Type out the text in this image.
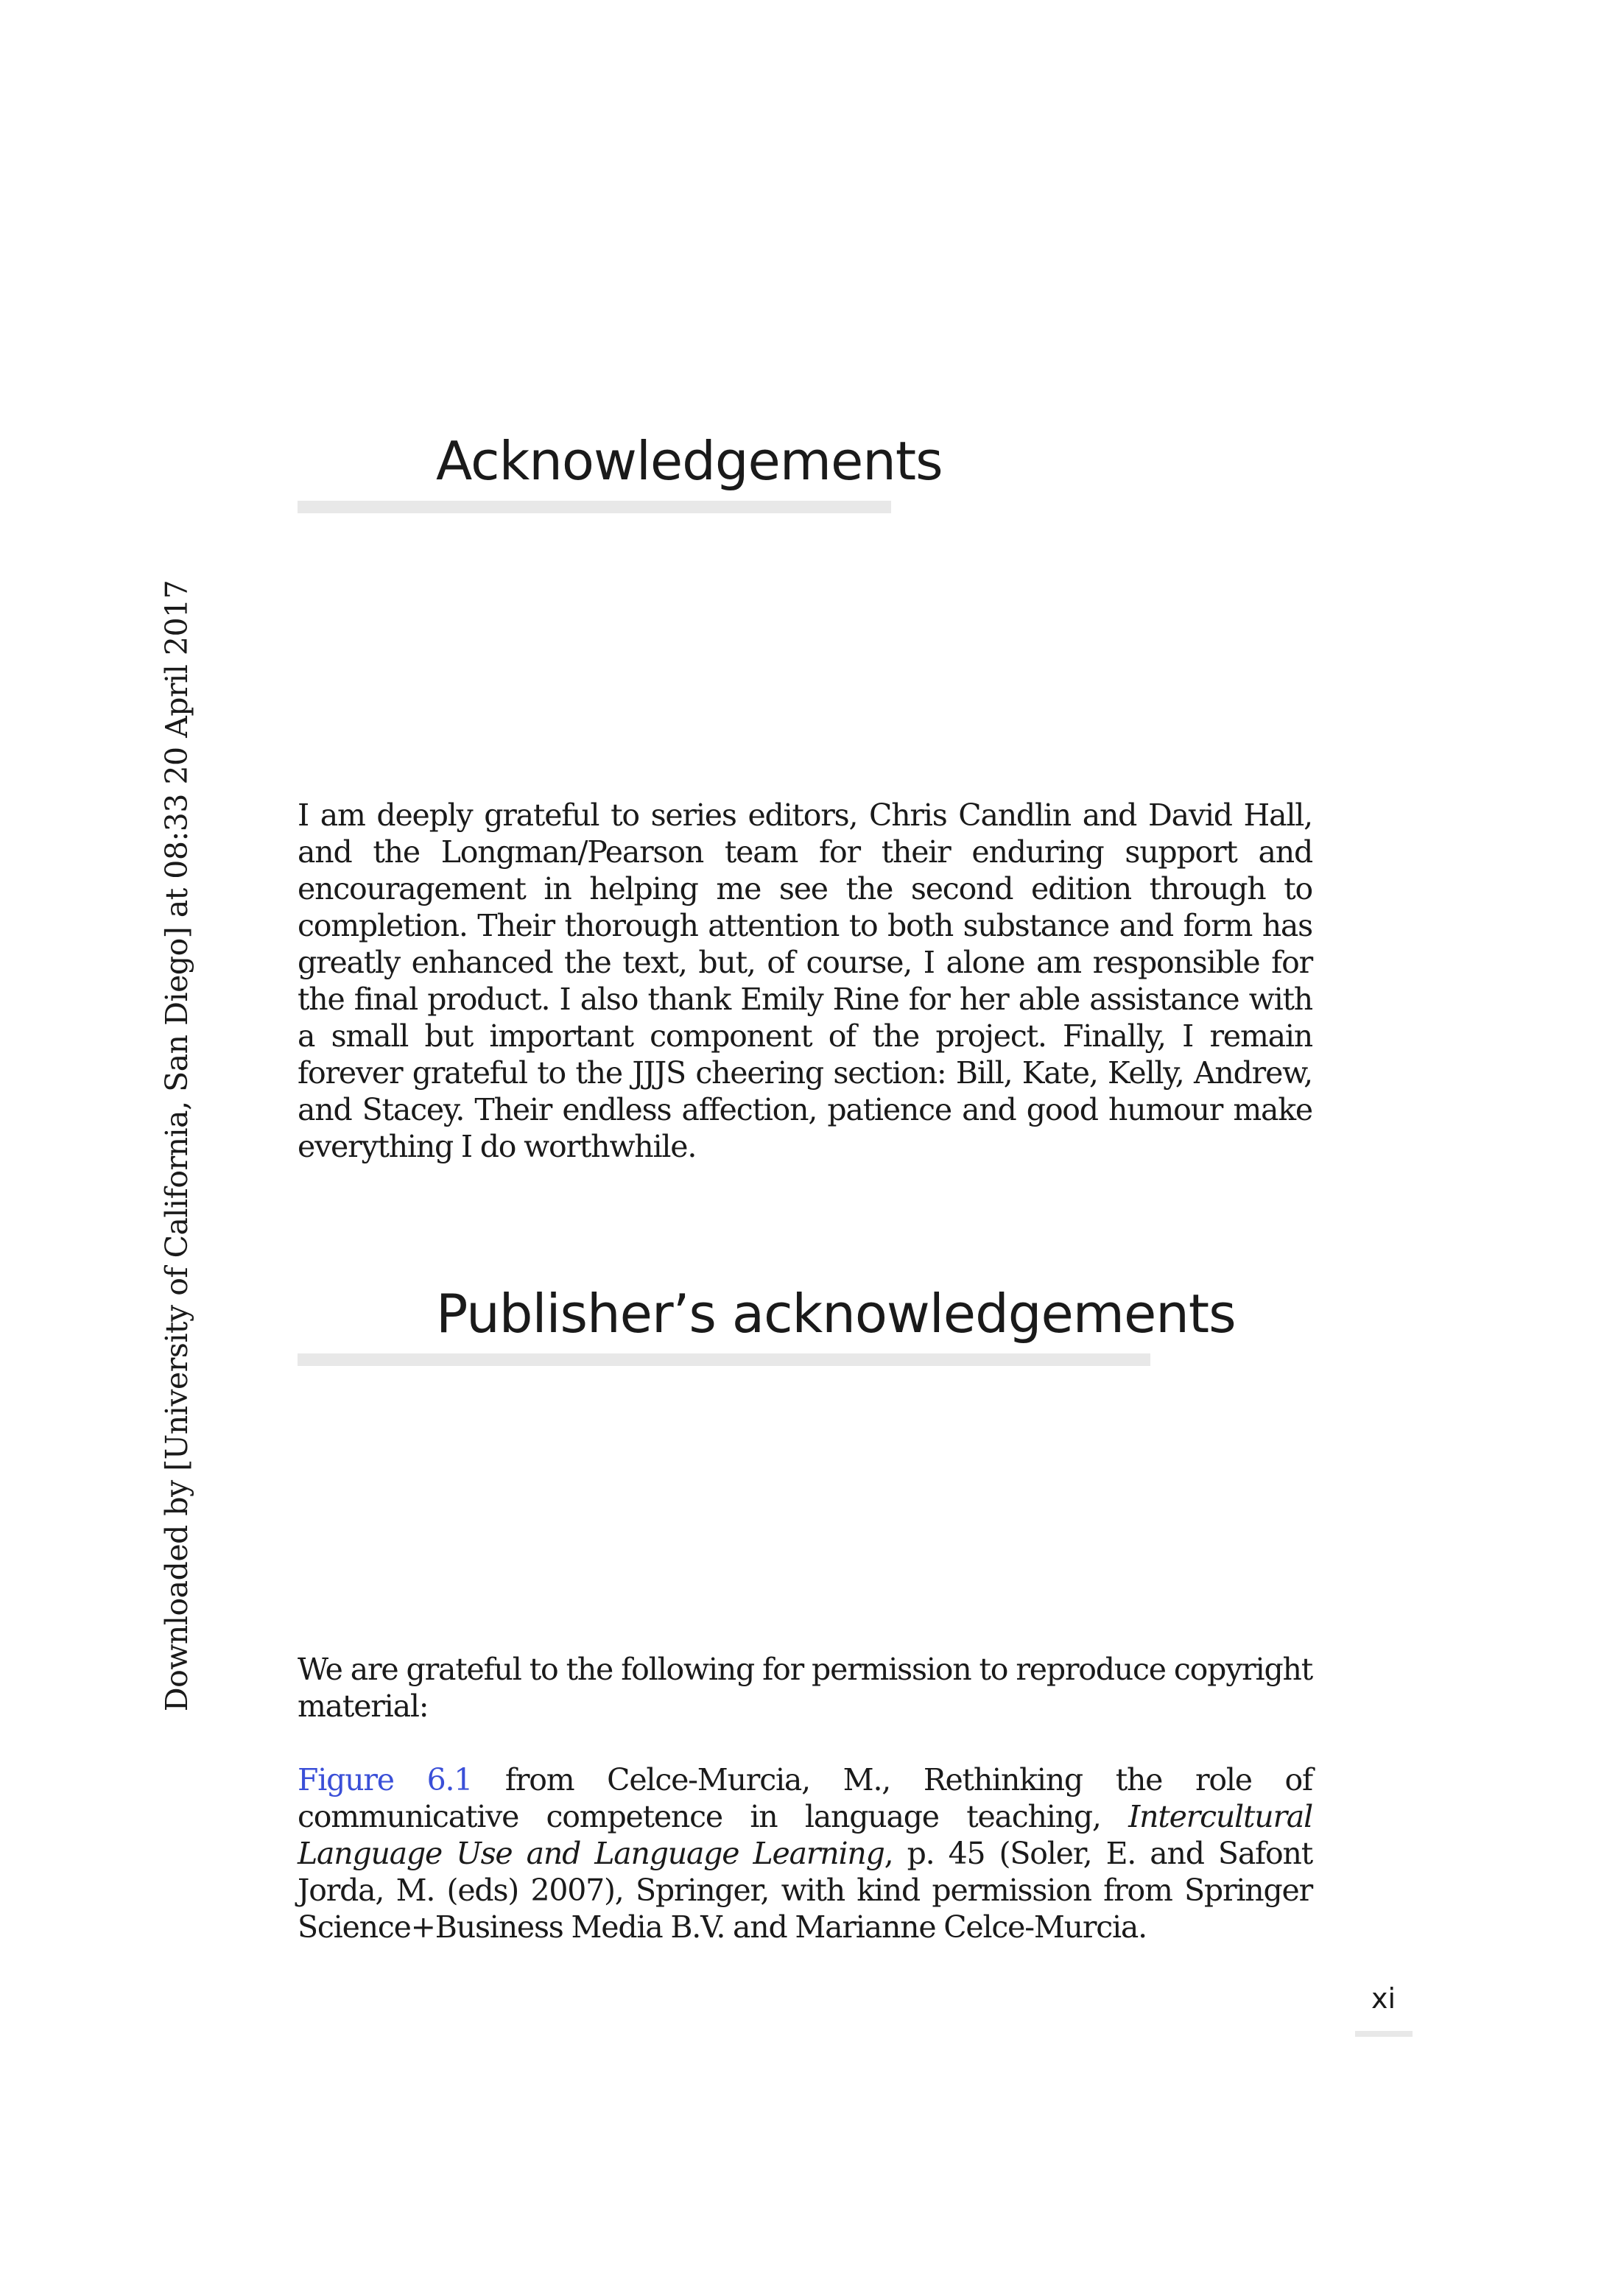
Downloaded by [University of California, San Diego] at 08:33 20 April 2017
Acknowledgements

I am deeply grateful to series editors, Chris Candlin and David Hall, and the Longman/Pearson team for their enduring support and encouragement in helping me see the second edition through to completion. Their thorough attention to both substance and form has greatly enhanced the text, but, of course, I alone am responsible for the final product. I also thank Emily Rine for her able assistance with a small but important component of the project. Finally, I remain forever grateful to the JJJS cheering section: Bill, Kate, Kelly, Andrew, and Stacey. Their endless affection, patience and good humour make everything I do worthwhile.

Publisher’s acknowledgements

We are grateful to the following for permission to reproduce copyright material:

Figure 6.1 from Celce-Murcia, M., Rethinking the role of communicative competence in language teaching, Intercultural Language Use and Language Learning, p. 45 (Soler, E. and Safont Jorda, M. (eds) 2007), Springer, with kind permission from Springer Science+Business Media B.V. and Marianne Celce-Murcia.

xi
